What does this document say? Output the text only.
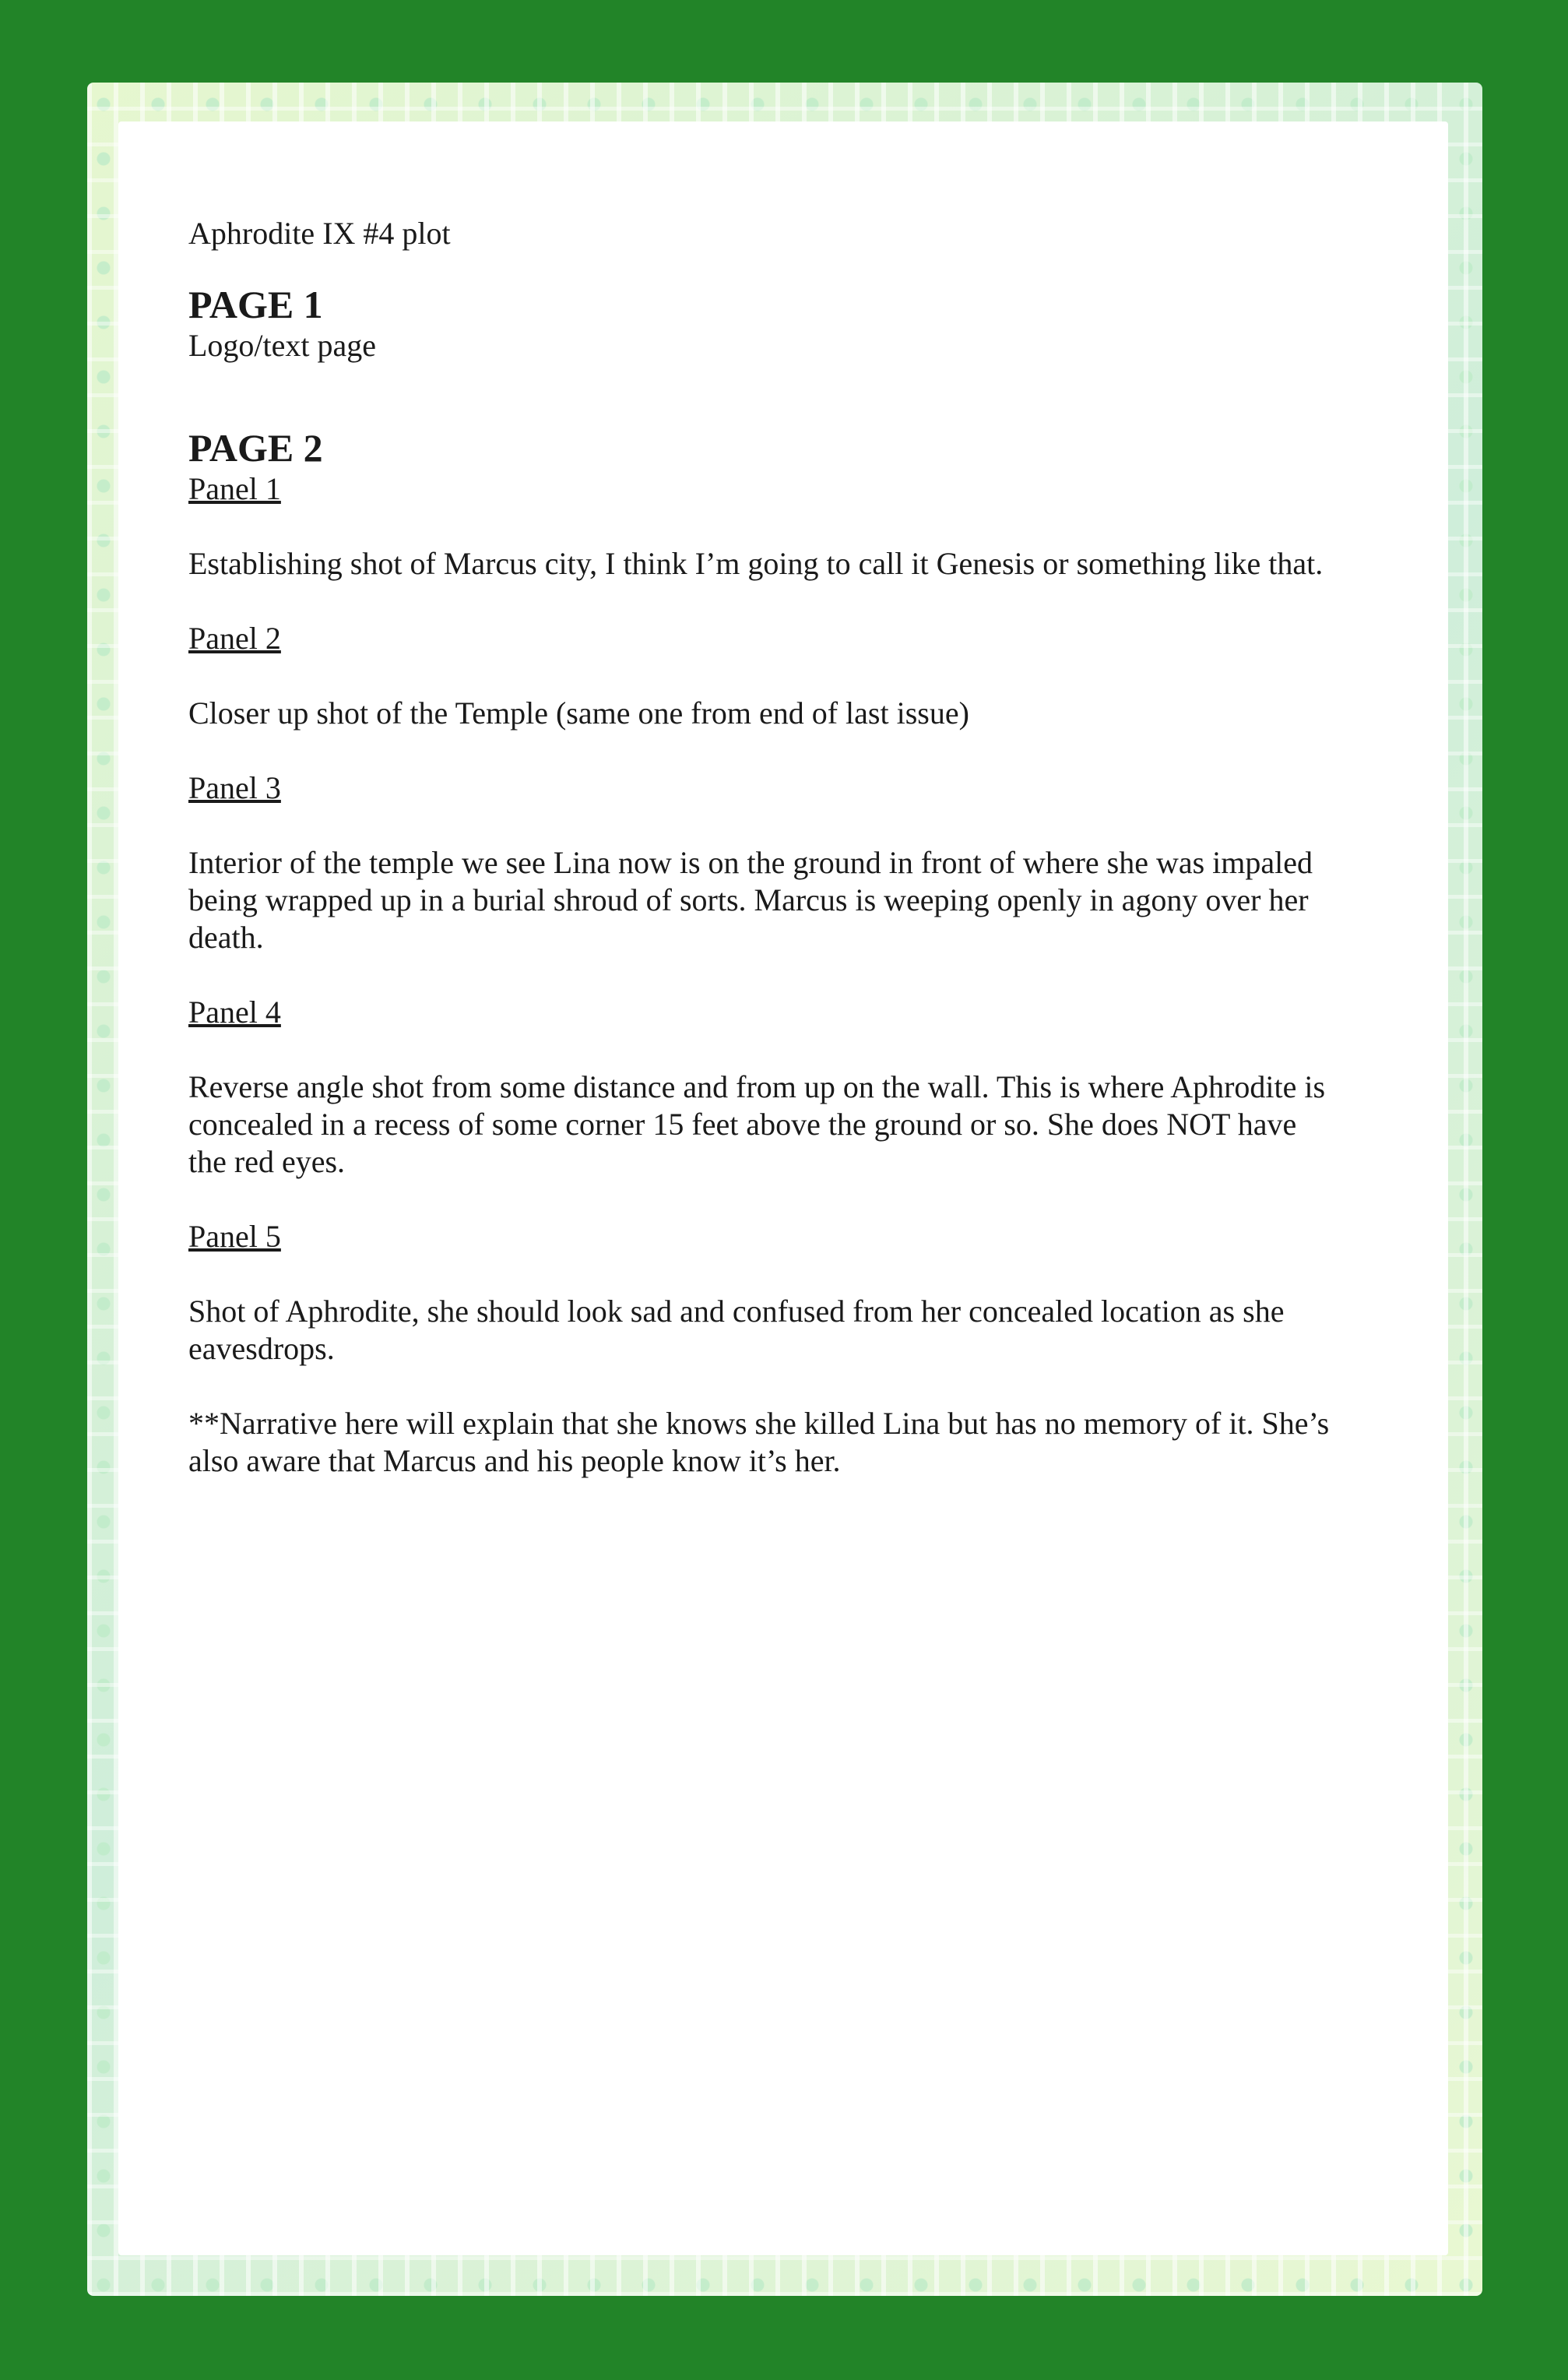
Aphrodite IX #4 plot

PAGE 1

Logo/text page

PAGE 2

Panel 1

Establishing shot of Marcus city, I think I’m going to call it Genesis or something like that.

Panel 2

Closer up shot of the Temple (same one from end of last issue)

Panel 3

Interior of the temple we see Lina now is on the ground in front of where she was impaled being wrapped up in a burial shroud of sorts. Marcus is weeping openly in agony over her death.

Panel 4

Reverse angle shot from some distance and from up on the wall. This is where Aphrodite is concealed in a recess of some corner 15 feet above the ground or so. She does NOT have the red eyes.

Panel 5

Shot of Aphrodite, she should look sad and confused from her concealed location as she eavesdrops.

**Narrative here will explain that she knows she killed Lina but has no memory of it. She’s also aware that Marcus and his people know it’s her.
